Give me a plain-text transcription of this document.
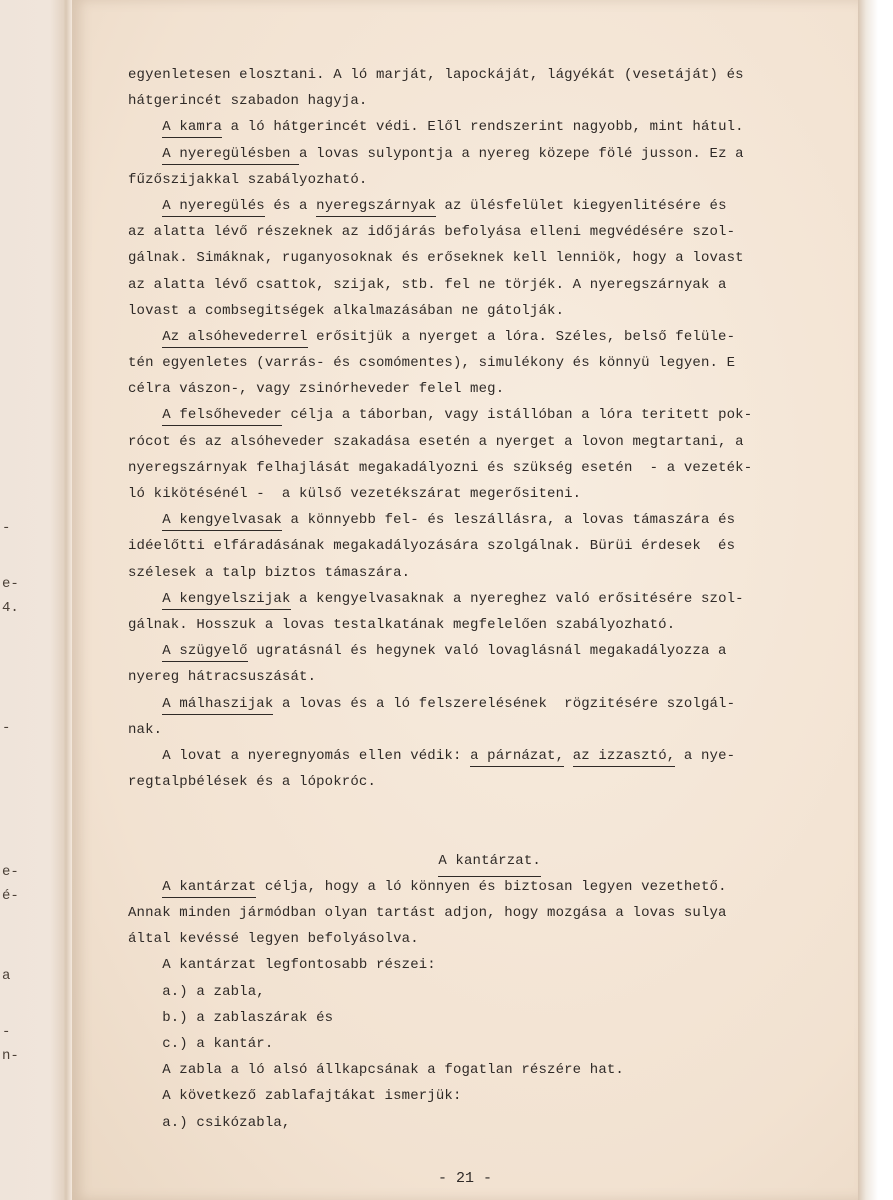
-
e-
4.
-
e-
é-
a
-
n-
egyenletesen elosztani. A ló marját, lapockáját, lágyékát (vesetáját) és
hátgerincét szabadon hagyja.
A kamra a ló hátgerincét védi. Elől rendszerint nagyobb, mint hátul.
A nyeregülésben a lovas sulypontja a nyereg közepe fölé jusson. Ez a
fűzőszijakkal szabályozható.
A nyeregülés és a nyeregszárnyak az ülésfelület kiegyenlitésére és
az alatta lévő részeknek az időjárás befolyása elleni megvédésére szol-
gálnak. Simáknak, ruganyosoknak és erőseknek kell lenniök, hogy a lovast
az alatta lévő csattok, szijak, stb. fel ne törjék. A nyeregszárnyak a
lovast a combsegitségek alkalmazásában ne gátolják.
Az alsóhevederrel erősitjük a nyerget a lóra. Széles, belső felüle-
tén egyenletes (varrás- és csomómentes), simulékony és könnyü legyen. E
célra vászon-, vagy zsinórheveder felel meg.
A felsőheveder célja a táborban, vagy istállóban a lóra teritett pok-
rócot és az alsóheveder szakadása esetén a nyerget a lovon megtartani, a
nyeregszárnyak felhajlását megakadályozni és szükség esetén  - a vezeték-
ló kikötésénél -  a külső vezetékszárat megerősiteni.
A kengyelvasak a könnyebb fel- és leszállásra, a lovas támaszára és
idéelőtti elfáradásának megakadályozására szolgálnak. Bürüi érdesek  és
szélesek a talp biztos támaszára.
A kengyelszijak a kengyelvasaknak a nyereghez való erősitésére szol-
gálnak. Hosszuk a lovas testalkatának megfelelően szabályozható.
A szügyelő ugratásnál és hegynek való lovaglásnál megakadályozza a
nyereg hátracsuszását.
A málhaszijak a lovas és a ló felszerelésének  rögzitésére szolgál-
nak.
A lovat a nyeregnyomás ellen védik: a párnázat, az izzasztó, a nye-
regtalpbélések és a lópokróc.

A kantárzat.

A kantárzat célja, hogy a ló könnyen és biztosan legyen vezethető.
Annak minden jármódban olyan tartást adjon, hogy mozgása a lovas sulya
által kevéssé legyen befolyásolva.
A kantárzat legfontosabb részei:
a.) a zabla,
b.) a zablaszárak és
c.) a kantár.
A zabla a ló alsó állkapcsának a fogatlan részére hat.
A következő zablafajtákat ismerjük:
a.) csikózabla,
- 21 -
